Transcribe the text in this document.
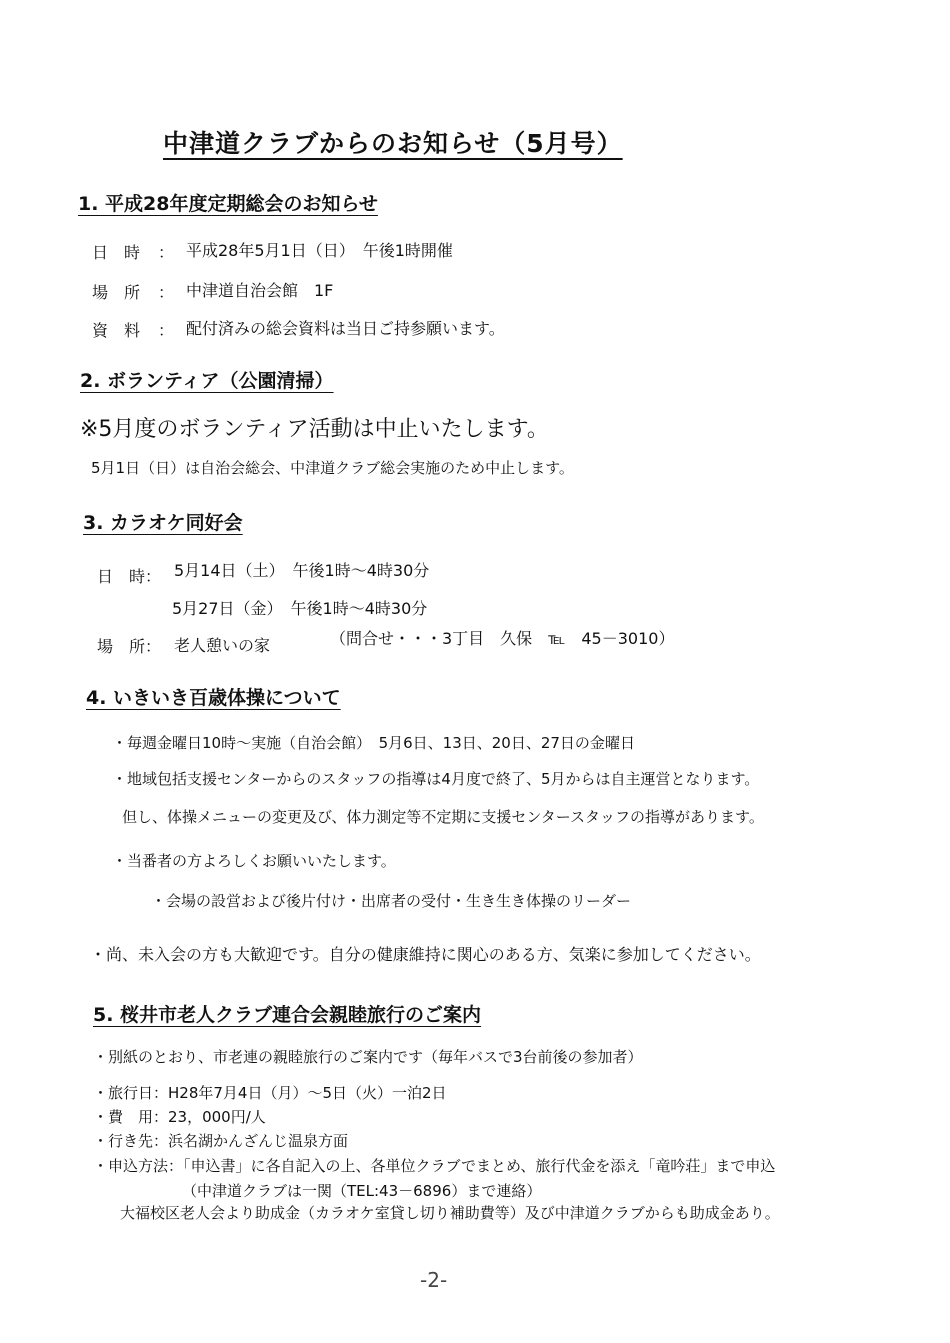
中津道クラブからのお知らせ（5月号）
1. 平成28年度定期総会のお知らせ
日　時 ： 平成28年5月1日（日）　午後1時開催
場　所 ： 中津道自治会館　1F
資　料 ： 配付済みの総会資料は当日ご持参願います。
2. ボランティア（公園清掃）
※5月度のボランティア活動は中止いたします。
5月1日（日）は自治会総会、中津道クラブ総会実施のため中止します。
3. カラオケ同好会
日　時： 5月14日（土）　午後1時～4時30分
5月27日（金）　午後1時～4時30分
場　所： 老人憩いの家	（問合せ・・・3丁目　久保　℡　45－3010）
4. いきいき百歳体操について
・毎週金曜日10時～実施（自治会館）　5月6日、13日、20日、27日の金曜日
・地域包括支援センターからのスタッフの指導は4月度で終了、5月からは自主運営となります。
但し、体操メニューの変更及び、体力測定等不定期に支援センタースタッフの指導があります。
・当番者の方よろしくお願いいたします。
・会場の設営および後片付け・出席者の受付・生き生き体操のリーダー
・尚、未入会の方も大歓迎です。自分の健康維持に関心のある方、気楽に参加してください。
5. 桜井市老人クラブ連合会親睦旅行のご案内
・別紙のとおり、市老連の親睦旅行のご案内です（毎年バスで3台前後の参加者）
・旅行日：H28年7月4日（月）～5日（火）一泊2日
・費　用：23，000円/人
・行き先：浜名湖かんざんじ温泉方面
・申込方法：「申込書」に各自記入の上、各単位クラブでまとめ、旅行代金を添え「竜吟荘」まで申込
（中津道クラブは一関（TEL:43－6896）まで連絡）
大福校区老人会より助成金（カラオケ室貸し切り補助費等）及び中津道クラブからも助成金あり。
-2-
